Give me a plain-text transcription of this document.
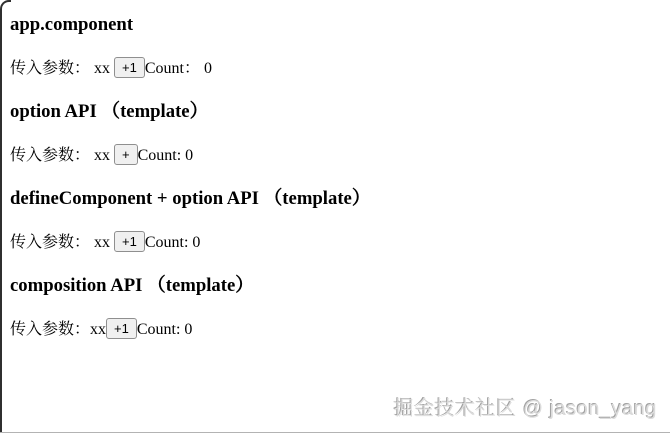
app.component
传入参数： xx +1 Count： 0
option API （template）
传入参数： xx + Count: 0
defineComponent + option API （template）
传入参数： xx +1 Count: 0
composition API （template）
传入参数：xx +1 Count: 0
掘金技术社区 @ jason_yang
